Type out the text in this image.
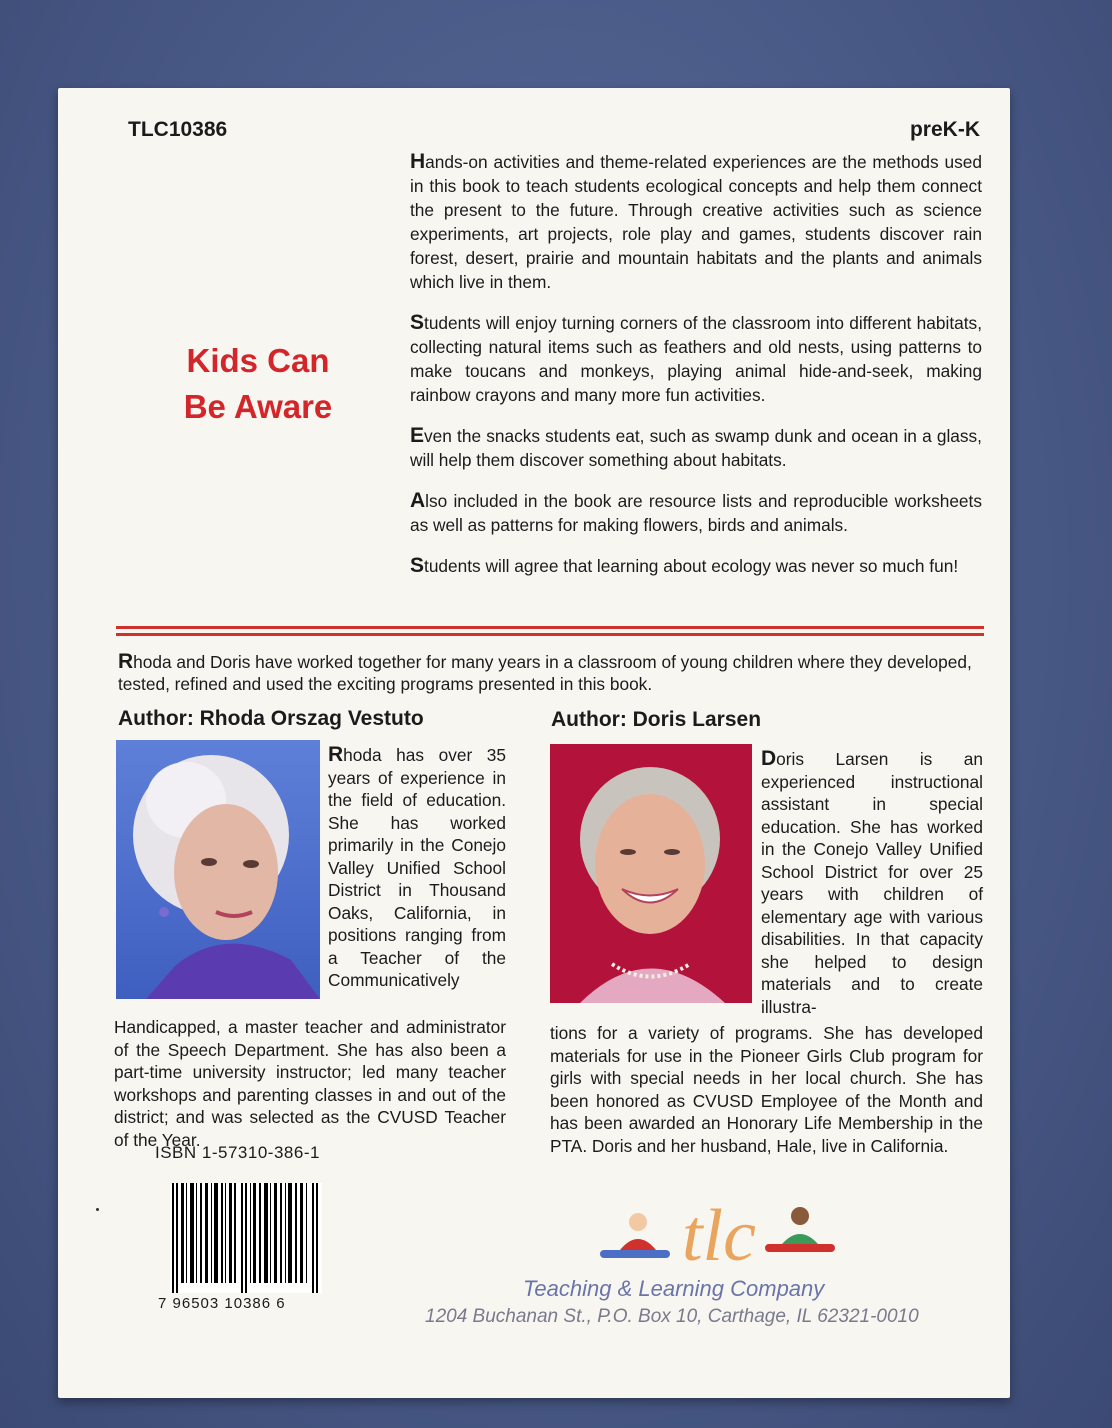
TLC10386	preK-K
Kids Can
Be Aware

Hands-on activities and theme-related experiences are the methods used in this book to teach students ecological concepts and help them connect the present to the future. Through creative activities such as science experiments, art projects, role play and games, students discover rain forest, desert, prairie and mountain habitats and the plants and animals which live in them.

Students will enjoy turning corners of the classroom into different habitats, collecting natural items such as feathers and old nests, using patterns to make toucans and monkeys, playing animal hide-and-seek, making rainbow crayons and many more fun activities.

Even the snacks students eat, such as swamp dunk and ocean in a glass, will help them discover something about habitats.

Also included in the book are resource lists and reproducible worksheets as well as patterns for making flowers, birds and animals.

Students will agree that learning about ecology was never so much fun!

Rhoda and Doris have worked together for many years in a classroom of young children where they developed, tested, refined and used the exciting programs presented in this book.
Author: Rhoda Orszag Vestuto

Rhoda has over 35 years of experience in the field of education. She has worked primarily in the Conejo Valley Unified School District in Thousand Oaks, California, in positions ranging from a Teacher of the Communicatively

Handicapped, a master teacher and administrator of the Speech Department. She has also been a part-time university instructor; led many teacher workshops and parenting classes in and out of the district; and was selected as the CVUSD Teacher of the Year.

Author: Doris Larsen

Doris Larsen is an experienced instructional assistant in special education. She has worked in the Conejo Valley Unified School District for over 25 years with children of elementary age with various disabilities. In that capacity she helped to design materials and to create illustra-

tions for a variety of programs. She has developed materials for use in the Pioneer Girls Club program for girls with special needs in her local church. She has been honored as CVUSD Employee of the Month and has been awarded an Honorary Life Membership in the PTA. Doris and her husband, Hale, live in California.

ISBN 1-57310-386-1
7 96503 10386 6
tlc
Teaching & Learning Company
1204 Buchanan St., P.O. Box 10, Carthage, IL 62321-0010
